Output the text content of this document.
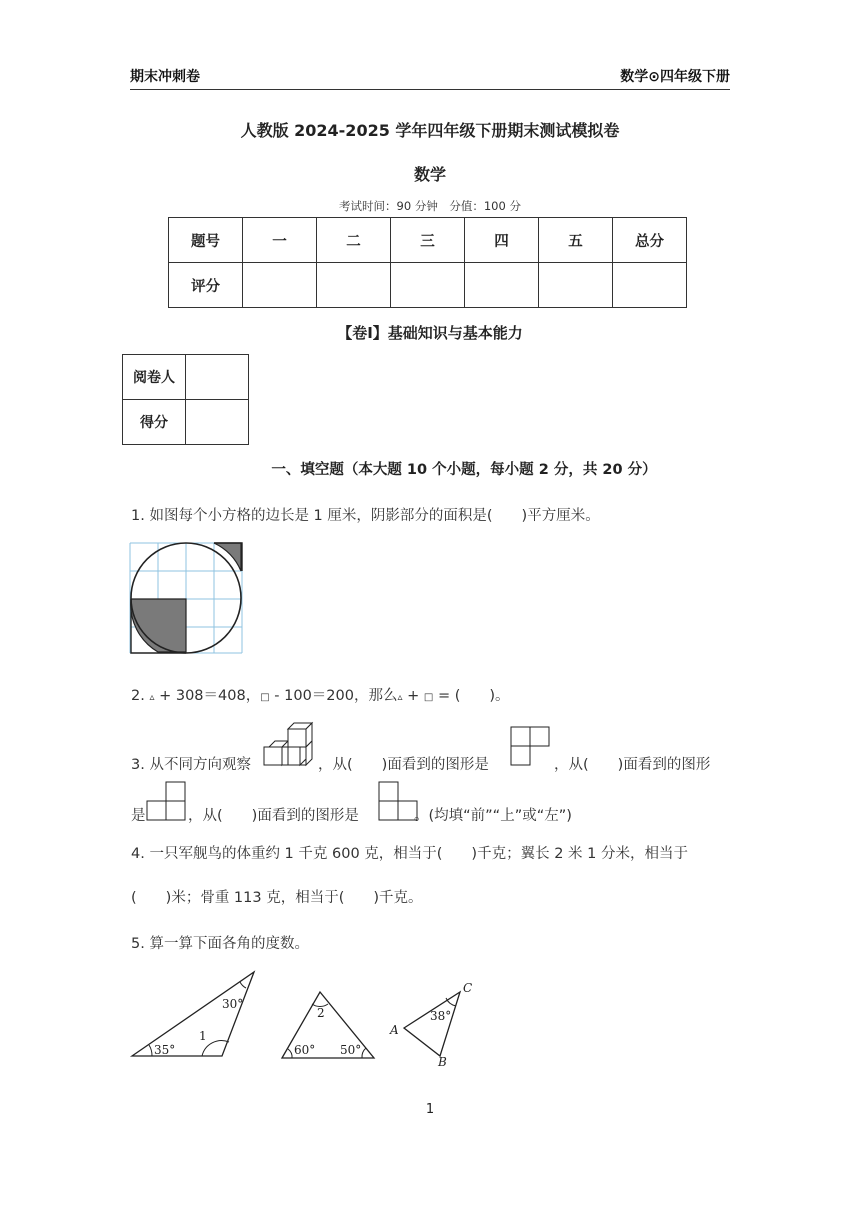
期末冲刺卷	数学⊙四年级下册
人教版 2024-2025 学年四年级下册期末测试模拟卷
数学
考试时间：90 分钟　分值：100 分
题号	一	二	三	四	五	总分
评分						
【卷Ⅰ】基础知识与基本能力
阅卷人	
得分	
一、填空题（本大题 10 个小题，每小题 2 分，共 20 分）
1. 如图每个小方格的边长是 1 厘米，阴影部分的面积是(　　)平方厘米。
2. ▵ + 308＝408，□ - 100＝200，那么▵ + □ = (　　)。
3. 从不同方向观察	，从(　　)面看到的图形是	，从(　　)面看到的图形
是	，从(　　)面看到的图形是	。(均填“前”“上”或“左”)
4. 一只军舰鸟的体重约 1 千克 600 克，相当于(　　)千克；翼长 2 米 1 分米，相当于
(　　)米；骨重 113 克，相当于(　　)千克。
5. 算一算下面各角的度数。
35°
30°
1
2
60° 50°
A
B
C
38°
1
